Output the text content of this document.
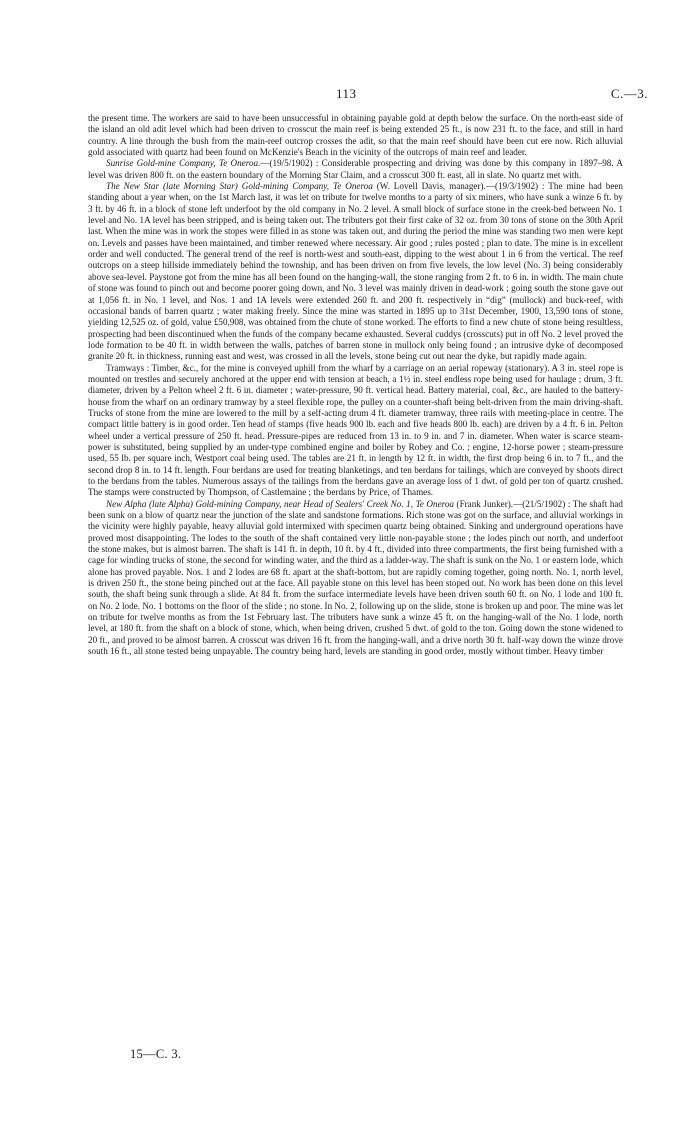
113	C.—3.

the present time. The workers are said to have been unsuccessful in obtaining payable gold at depth below the surface. On the north-east side of the island an old adit level which had been driven to crosscut the main reef is being extended 25 ft., is now 231 ft. to the face, and still in hard country. A line through the bush from the main-reef outcrop crosses the adit, so that the main reef should have been cut ere now. Rich alluvial gold associated with quartz had been found on McKenzie's Beach in the vicinity of the outcrops of main reef and leader.

Sunrise Gold-mine Company, Te Oneroa.—(19/5/1902) : Considerable prospecting and driving was done by this company in 1897–98. A level was driven 800 ft. on the eastern boundary of the Morning Star Claim, and a crosscut 300 ft. east, all in slate. No quartz met with.

The New Star (late Morning Star) Gold-mining Company, Te Oneroa (W. Lovell Davis, manager).—(19/3/1902) : The mine had been standing about a year when, on the 1st March last, it was let on tribute for twelve months to a party of six miners, who have sunk a winze 6 ft. by 3 ft. by 46 ft. in a block of stone left underfoot by the old company in No. 2 level. A small block of surface stone in the creek-bed between No. 1 level and No. 1A level has been stripped, and is being taken out. The tributers got their first cake of 32 oz. from 30 tons of stone on the 30th April last. When the mine was in work the stopes were filled in as stone was taken out, and during the period the mine was standing two men were kept on. Levels and passes have been maintained, and timber renewed where necessary. Air good ; rules posted ; plan to date. The mine is in excellent order and well conducted. The general trend of the reef is north-west and south-east, dipping to the west about 1 in 6 from the vertical. The reef outcrops on a steep hillside immediately behind the township, and has been driven on from five levels, the low level (No. 3) being considerably above sea-level. Paystone got from the mine has all been found on the hanging-wall, the stone ranging from 2 ft. to 6 in. in width. The main chute of stone was found to pinch out and become poorer going down, and No. 3 level was mainly driven in dead-work ; going south the stone gave out at 1,056 ft. in No. 1 level, and Nos. 1 and 1A levels were extended 260 ft. and 200 ft. respectively in “dig” (mullock) and buck-reef, with occasional bands of barren quartz ; water making freely. Since the mine was started in 1895 up to 31st December, 1900, 13,590 tons of stone, yielding 12,525 oz. of gold, value £50,908, was obtained from the chute of stone worked. The efforts to find a new chute of stone being resultless, prospecting had been discontinued when the funds of the company became exhausted. Several cuddys (crosscuts) put in off No. 2 level proved the lode formation to be 40 ft. in width between the walls, patches of barren stone in mullock only being found ; an intrusive dyke of decomposed granite 20 ft. in thickness, running east and west, was crossed in all the levels, stone being cut out near the dyke, but rapidly made again.

Tramways : Timber, &c., for the mine is conveyed uphill from the wharf by a carriage on an aerial ropeway (stationary). A 3 in. steel rope is mounted on trestles and securely anchored at the upper end with tension at beach, a 1½ in. steel endless rope being used for haulage ; drum, 3 ft. diameter, driven by a Pelton wheel 2 ft. 6 in. diameter ; water-pressure, 90 ft. vertical head. Battery material, coal, &c., are hauled to the battery-house from the wharf on an ordinary tramway by a steel flexible rope, the pulley on a counter-shaft being belt-driven from the main driving-shaft. Trucks of stone from the mine are lowered to the mill by a self-acting drum 4 ft. diameter tramway, three rails with meeting-place in centre. The compact little battery is in good order. Ten head of stamps (five heads 900 lb. each and five heads 800 lb. each) are driven by a 4 ft. 6 in. Pelton wheel under a vertical pressure of 250 ft. head. Pressure-pipes are reduced from 13 in. to 9 in. and 7 in. diameter. When water is scarce steam-power is substituted, being supplied by an under-type combined engine and boiler by Robey and Co. ; engine, 12-horse power ; steam-pressure used, 55 lb. per square inch, Westport coal being used. The tables are 21 ft. in length by 12 ft. in width, the first drop being 6 in. to 7 ft., and the second drop 8 in. to 14 ft. length. Four berdans are used for treating blanketings, and ten berdans for tailings, which are conveyed by shoots direct to the berdans from the tables. Numerous assays of the tailings from the berdans gave an average loss of 1 dwt. of gold per ton of quartz crushed. The stamps were constructed by Thompson, of Castlemaine ; the berdans by Price, of Thames.

New Alpha (late Alpha) Gold-mining Company, near Head of Sealers' Creek No. 1, Te Oneroa (Frank Junker).—(21/5/1902) : The shaft had been sunk on a blow of quartz near the junction of the slate and sandstone formations. Rich stone was got on the surface, and alluvial workings in the vicinity were highly payable, heavy alluvial gold intermixed with specimen quartz being obtained. Sinking and underground operations have proved most disappointing. The lodes to the south of the shaft contained very little non-payable stone ; the lodes pinch out north, and underfoot the stone makes, but is almost barren. The shaft is 141 ft. in depth, 10 ft. by 4 ft., divided into three compartments, the first being furnished with a cage for winding trucks of stone, the second for winding water, and the third as a ladder-way. The shaft is sunk on the No. 1 or eastern lode, which alone has proved payable. Nos. 1 and 2 lodes are 68 ft. apart at the shaft-bottom, but are rapidly coming together, going north. No. 1, north level, is driven 250 ft., the stone being pinched out at the face. All payable stone on this level has been stoped out. No work has been done on this level south, the shaft being sunk through a slide. At 84 ft. from the surface intermediate levels have been driven south 60 ft. on No. 1 lode and 100 ft. on No. 2 lode. No. 1 bottoms on the floor of the slide ; no stone. In No. 2, following up on the slide, stone is broken up and poor. The mine was let on tribute for twelve months as from the 1st February last. The tributers have sunk a winze 45 ft. on the hanging-wall of the No. 1 lode, north level, at 180 ft. from the shaft on a block of stone, which, when being driven, crushed 5 dwt. of gold to the ton. Going down the stone widened to 20 ft., and proved to be almost barren. A crosscut was driven 16 ft. from the hanging-wall, and a drive north 30 ft. half-way down the winze drove south 16 ft., all stone tested being unpayable. The country being hard, levels are standing in good order, mostly without timber. Heavy timber

15—C. 3.
